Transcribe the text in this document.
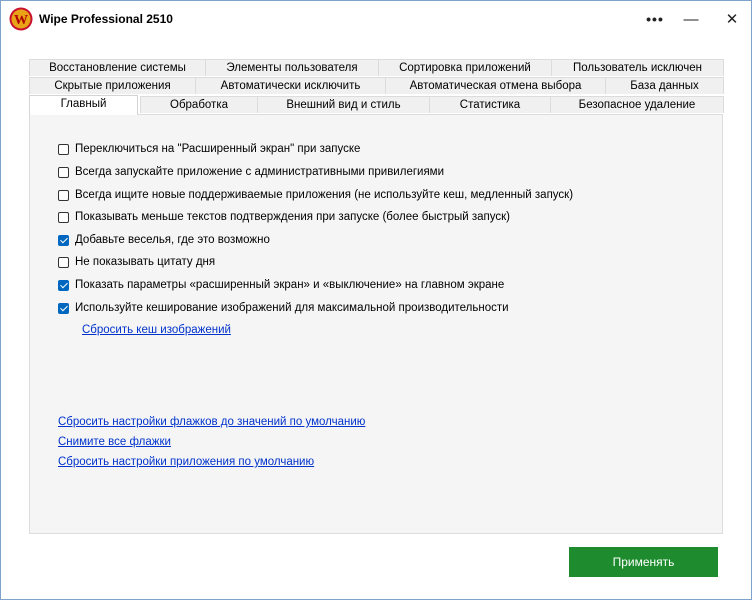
W Wipe Professional 2510	•••	—	✕
Восстановление системы	Элементы пользователя	Сортировка приложений	Пользователь исключен
Скрытые приложения	Автоматически исключить	Автоматическая отмена выбора	База данных
Главный	Обработка	Внешний вид и стиль	Статистика	Безопасное удаление
Переключиться на "Расширенный экран" при запуске
Всегда запускайте приложение с административными привилегиями
Всегда ищите новые поддерживаемые приложения (не используйте кеш, медленный запуск)
Показывать меньше текстов подтверждения при запуске (более быстрый запуск)
Добавьте веселья, где это возможно
Не показывать цитату дня
Показать параметры «расширенный экран» и «выключение» на главном экране
Используйте кеширование изображений для максимальной производительности
Сбросить кеш изображений
Сбросить настройки флажков до значений по умолчанию
Снимите все флажки
Сбросить настройки приложения по умолчанию
Применять
